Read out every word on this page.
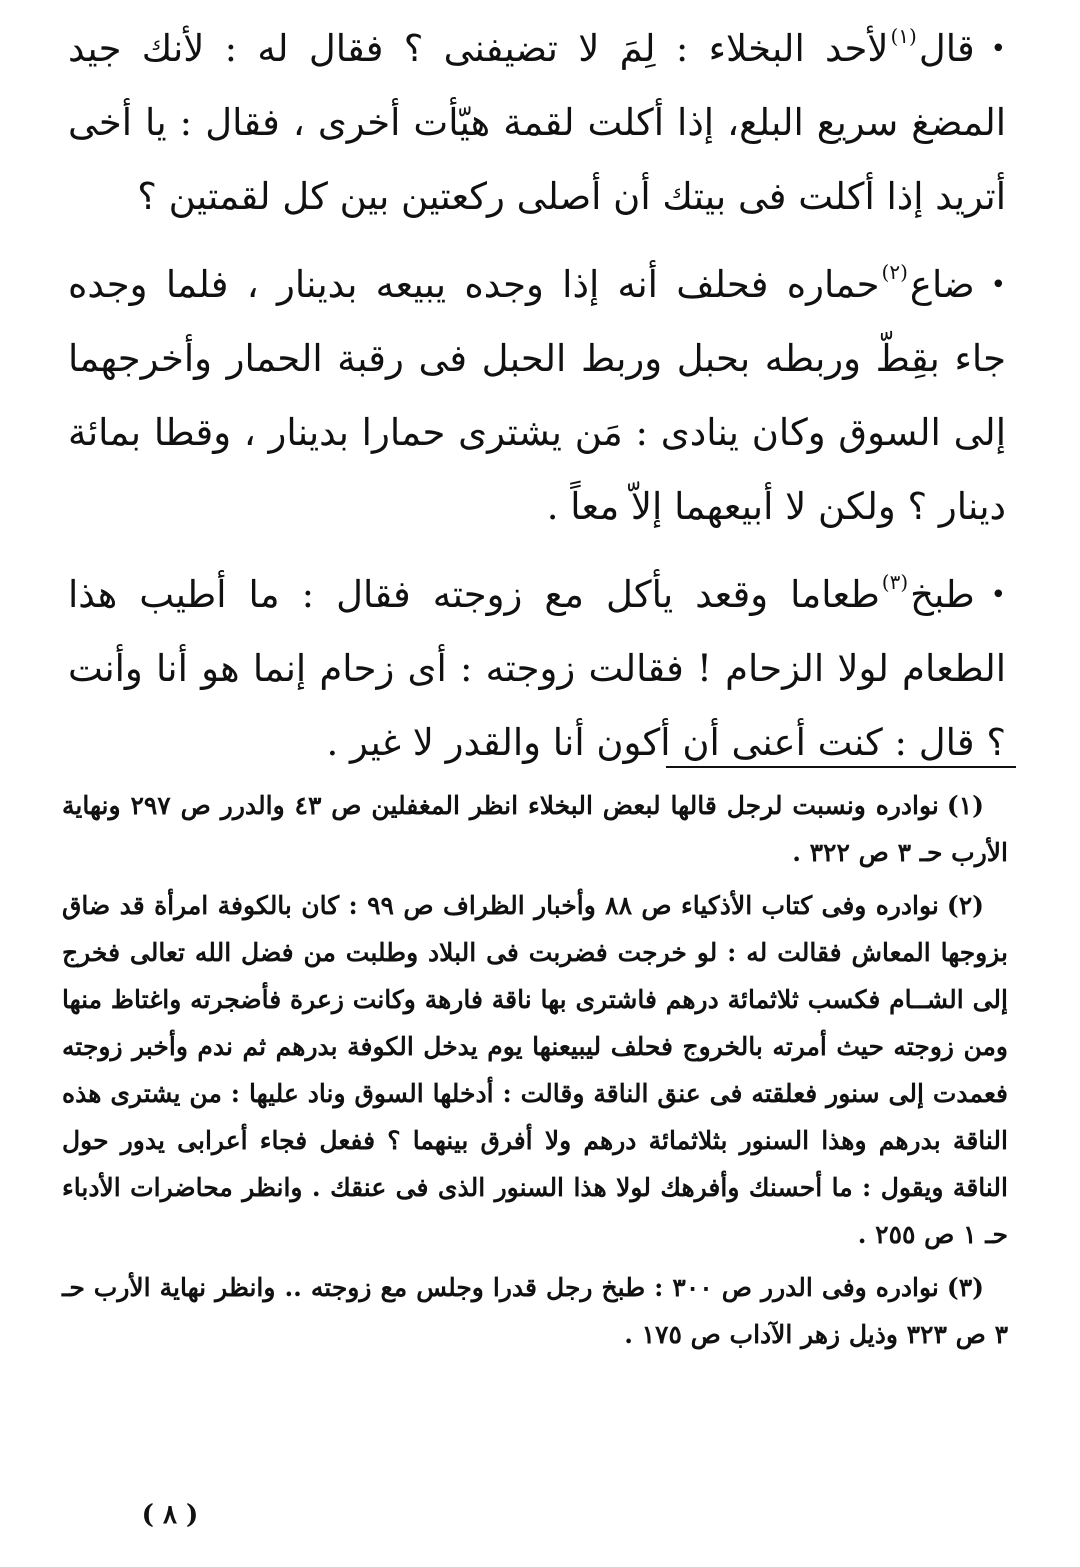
•قال$^{(١)}$لأحد البخلاء : لِمَ لا تضيفنى ؟ فقال له : لأنك جيد المضغ سريع البلع، إذا أكلت لقمة هيّأت أخرى ، فقال : يا أخى أتريد إذا أكلت فى بيتك أن أصلى ركعتين بين كل لقمتين ؟

•ضاع$^{(٢)}$حماره فحلف أنه إذا وجده يبيعه بدينار ، فلما وجده جاء بقِطّ وربطه بحبل وربط الحبل فى رقبة الحمار وأخرجهما إلى السوق وكان ينادى : مَن يشترى حمارا بدينار ، وقطا بمائة دينار ؟ ولكن لا أبيعهما إلاّ معاً .

•طبخ$^{(٣)}$طعاما وقعد يأكل مع زوجته فقال : ما أطيب هذا الطعام لولا الزحام ! فقالت زوجته : أى زحام إنما هو أنا وأنت ؟ قال : كنت أعنى أن أكون أنا والقدر لا غير .

(١)نوادره ونسبت لرجل قالها لبعض البخلاء انظر المغفلين ص ٤٣ والدرر ص ٢٩٧ ونهاية الأرب حـ ٣ ص ٣٢٢ .

(٢)نوادره وفى كتاب الأذكياء ص ٨٨ وأخبار الظراف ص ٩٩ : كان بالكوفة امرأة قد ضاق بزوجها المعاش فقالت له : لو خرجت فضربت فى البلاد وطلبت من فضل الله تعالى فخرج إلى الشــام فكسب ثلاثمائة درهم فاشترى بها ناقة فارهة وكانت زعرة فأضجرته واغتاظ منها ومن زوجته حيث أمرته بالخروج فحلف ليبيعنها يوم يدخل الكوفة بدرهم ثم ندم وأخبر زوجته فعمدت إلى سنور فعلقته فى عنق الناقة وقالت : أدخلها السوق وناد عليها : من يشترى هذه الناقة بدرهم وهذا السنور بثلاثمائة درهم ولا أفرق بينهما ؟ ففعل فجاء أعرابى يدور حول الناقة ويقول : ما أحسنك وأفرهك لولا هذا السنور الذى فى عنقك . وانظر محاضرات الأدباء حـ ١ ص ٢٥٥ .

(٣)نوادره وفى الدرر ص ٣٠٠ : طبخ رجل قدرا وجلس مع زوجته .. وانظر نهاية الأرب حـ ٣ ص ٣٢٣ وذيل زهر الآداب ص ١٧٥ .

( ٨ )
